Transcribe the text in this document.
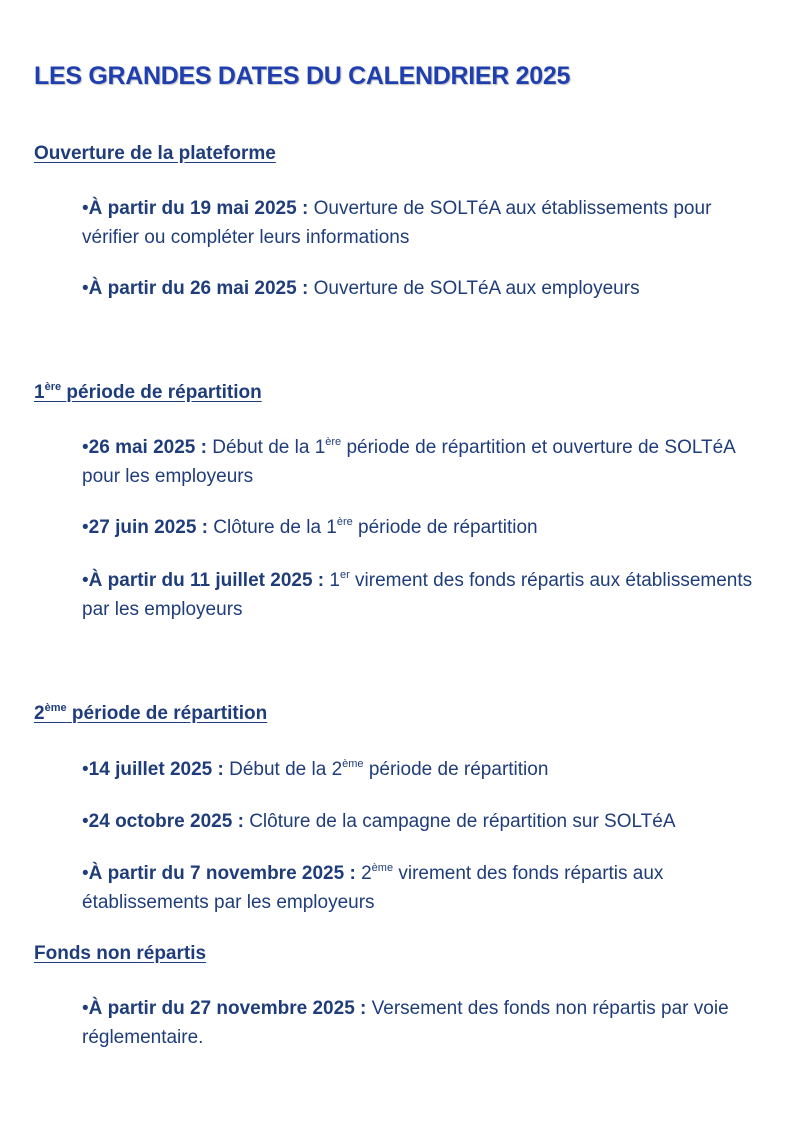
LES GRANDES DATES DU CALENDRIER 2025
Ouverture de la plateforme

•À partir du 19 mai 2025 : Ouverture de SOLTéA aux établissements pour vérifier ou compléter leurs informations

•À partir du 26 mai 2025 : Ouverture de SOLTéA aux employeurs

1ère période de répartition

•26 mai 2025 : Début de la 1ère période de répartition et ouverture de SOLTéA pour les employeurs

•27 juin 2025 : Clôture de la 1ère période de répartition

•À partir du 11 juillet 2025 : 1er virement des fonds répartis aux établissements par les employeurs

2ème période de répartition

•14 juillet 2025 : Début de la 2ème période de répartition

•24 octobre 2025 : Clôture de la campagne de répartition sur SOLTéA

•À partir du 7 novembre 2025 : 2ème virement des fonds répartis aux établissements par les employeurs

Fonds non répartis

•À partir du 27 novembre 2025 : Versement des fonds non répartis par voie réglementaire.
